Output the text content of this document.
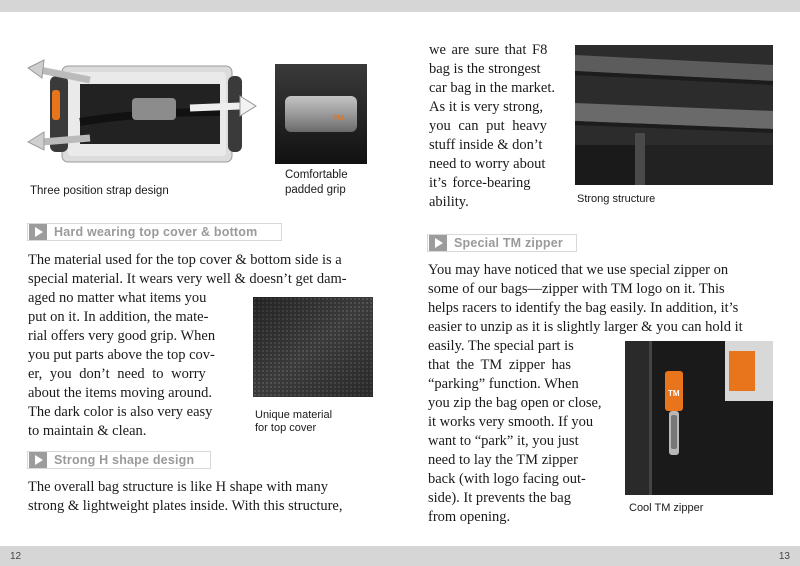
Three position strap design
TM
Comfortable
padded grip
Hard wearing top cover & bottom
The material used for the top cover & bottom side is a
special material. It wears very well & doesn’t get dam-
aged no matter what items you
put on it. In addition, the mate-
rial offers very good grip. When
you put parts above the top cov-
er, you don’t need to worry
about the items moving around.
The dark color is also very easy
to maintain & clean.
Unique material
for top cover
Strong H shape design
The overall bag structure is like H shape with many
strong & lightweight plates inside. With this structure,
we are sure that F8
bag is the strongest
car bag in the market.
As it is very strong,
you can put heavy
stuff inside & don’t
need to worry about
it’s force-bearing
ability.	Strong structure
Special TM zipper
You may have noticed that we use special zipper on
some of our bags—zipper with TM logo on it. This
helps racers to identify the bag easily. In addition, it’s
easier to unzip as it is slightly larger & you can hold it
easily. The special part is
that the TM zipper has
“parking” function. When
you zip the bag open or close,
it works very smooth. If you
want to “park” it, you just
need to lay the TM zipper
back (with logo facing out-
side). It prevents the bag
from opening.
TM
Cool TM zipper
12	13
